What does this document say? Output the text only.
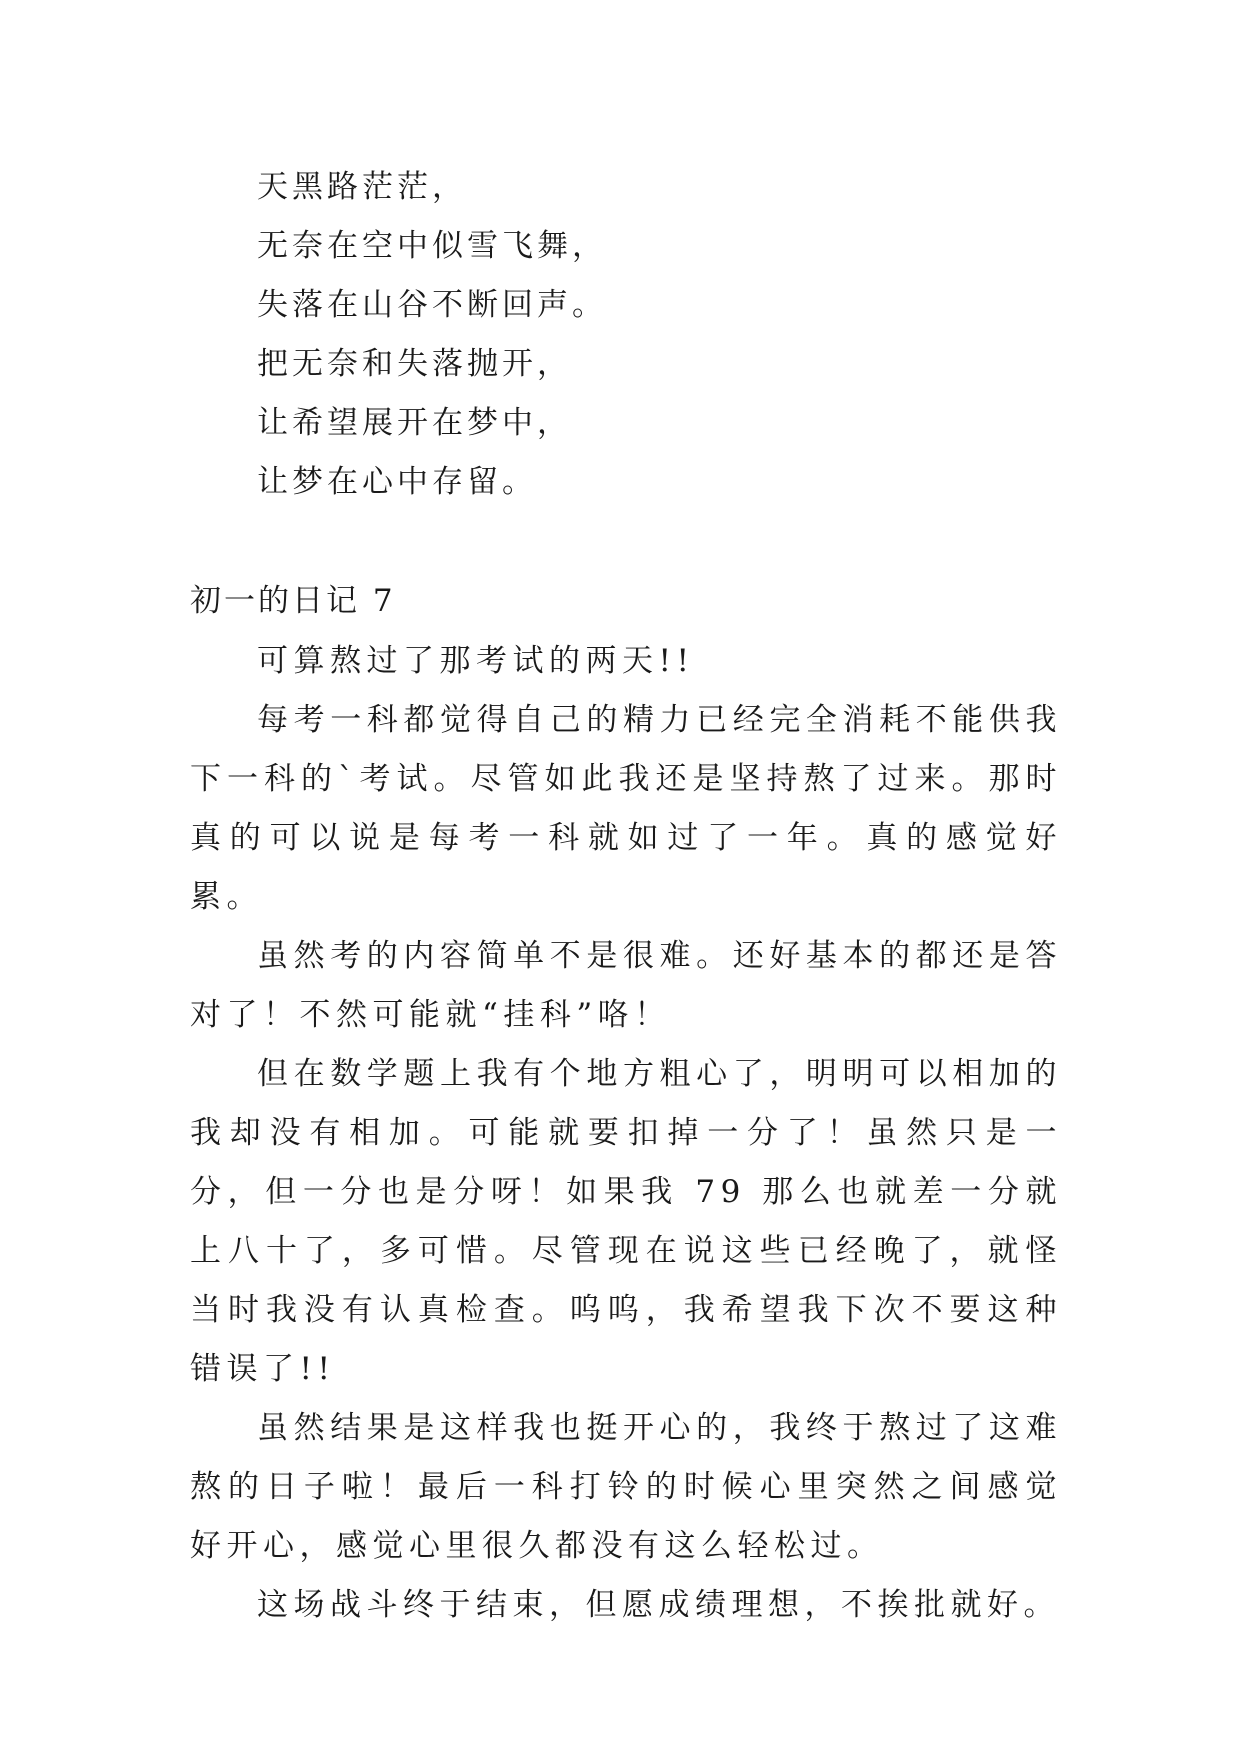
天黑路茫茫，
无奈在空中似雪飞舞，
失落在山谷不断回声。
把无奈和失落抛开，
让希望展开在梦中，
让梦在心中存留。
初一的日记 7

可算熬过了那考试的两天!!

每考一科都觉得自己的精力已经完全消耗不能供我下一科的`考试。尽管如此我还是坚持熬了过来。那时真的可以说是每考一科就如过了一年。真的感觉好累。

虽然考的内容简单不是很难。还好基本的都还是答对了！不然可能就“挂科”咯！

但在数学题上我有个地方粗心了，明明可以相加的我却没有相加。可能就要扣掉一分了！虽然只是一分，但一分也是分呀！如果我 79 那么也就差一分就上八十了，多可惜。尽管现在说这些已经晚了，就怪当时我没有认真检查。呜呜，我希望我下次不要这种错误了!!

虽然结果是这样我也挺开心的，我终于熬过了这难熬的日子啦！最后一科打铃的时候心里突然之间感觉好开心，感觉心里很久都没有这么轻松过。

这场战斗终于结束，但愿成绩理想，不挨批就好。
